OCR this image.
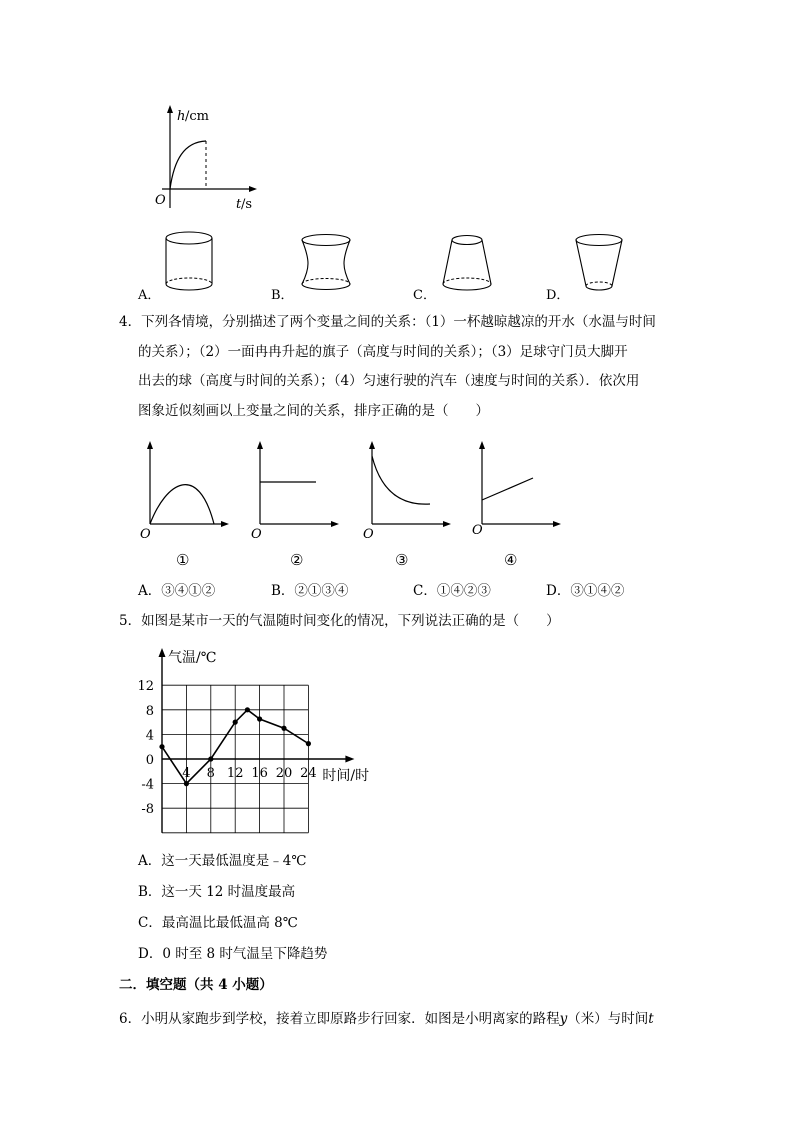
h /cm
O	t /s
A．	B．	C．	D．
4．下列各情境，分别描述了两个变量之间的关系：（1）一杯越晾越凉的开水（水温与时间
的关系）；（2）一面冉冉升起的旗子（高度与时间的关系）；（3）足球守门员大脚开
出去的球（高度与时间的关系）；（4）匀速行驶的汽车（速度与时间的关系）．依次用
图象近似刻画以上变量之间的关系，排序正确的是（　　）
O	O	O	O
①	②	③	④
A．③④①②	B．②①③④	C．①④②③	D．③①④②
5．如图是某市一天的气温随时间变化的情况，下列说法正确的是（　　）
12
8
4
0
-4
-8
4 8 12 16 20 24
气温/℃
时间/时
A．这一天最低温度是﹣4℃
B．这一天 12 时温度最高
C．最高温比最低温高 8℃
D．0 时至 8 时气温呈下降趋势
二．填空题（共 4 小题）
6．小明从家跑步到学校，接着立即原路步行回家．如图是小明离家的路程y（米）与时间t
